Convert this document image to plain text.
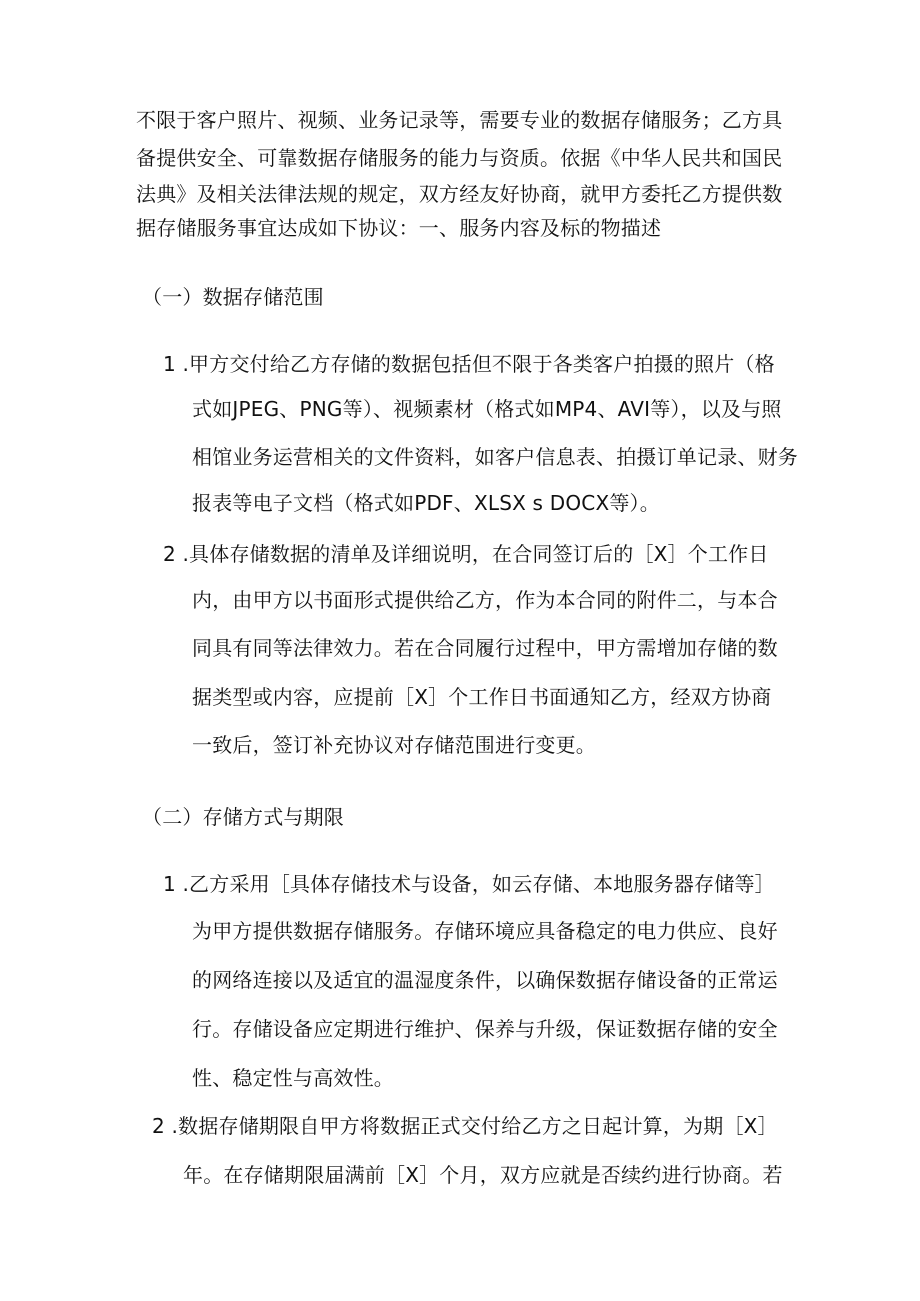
不限于客户照片、视频、业务记录等，需要专业的数据存储服务；乙方具
备提供安全、可靠数据存储服务的能力与资质。依据《中华人民共和国民
法典》及相关法律法规的规定，双方经友好协商，就甲方委托乙方提供数
据存储服务事宜达成如下协议：一、服务内容及标的物描述
（一）数据存储范围
1 .甲方交付给乙方存储的数据包括但不限于各类客户拍摄的照片（格
式如JPEG、PNG等）、视频素材（格式如MP4、AVI等），以及与照
相馆业务运营相关的文件资料，如客户信息表、拍摄订单记录、财务
报表等电子文档（格式如PDF、XLSX s DOCX等）。
2 .具体存储数据的清单及详细说明，在合同签订后的［X］个工作日
内，由甲方以书面形式提供给乙方，作为本合同的附件二，与本合
同具有同等法律效力。若在合同履行过程中，甲方需增加存储的数
据类型或内容，应提前［X］个工作日书面通知乙方，经双方协商
一致后，签订补充协议对存储范围进行变更。
（二）存储方式与期限
1 .乙方采用［具体存储技术与设备，如云存储、本地服务器存储等］
为甲方提供数据存储服务。存储环境应具备稳定的电力供应、良好
的网络连接以及适宜的温湿度条件，以确保数据存储设备的正常运
行。存储设备应定期进行维护、保养与升级，保证数据存储的安全
性、稳定性与高效性。
2 .数据存储期限自甲方将数据正式交付给乙方之日起计算，为期［X］
年。在存储期限届满前［X］个月，双方应就是否续约进行协商。若
